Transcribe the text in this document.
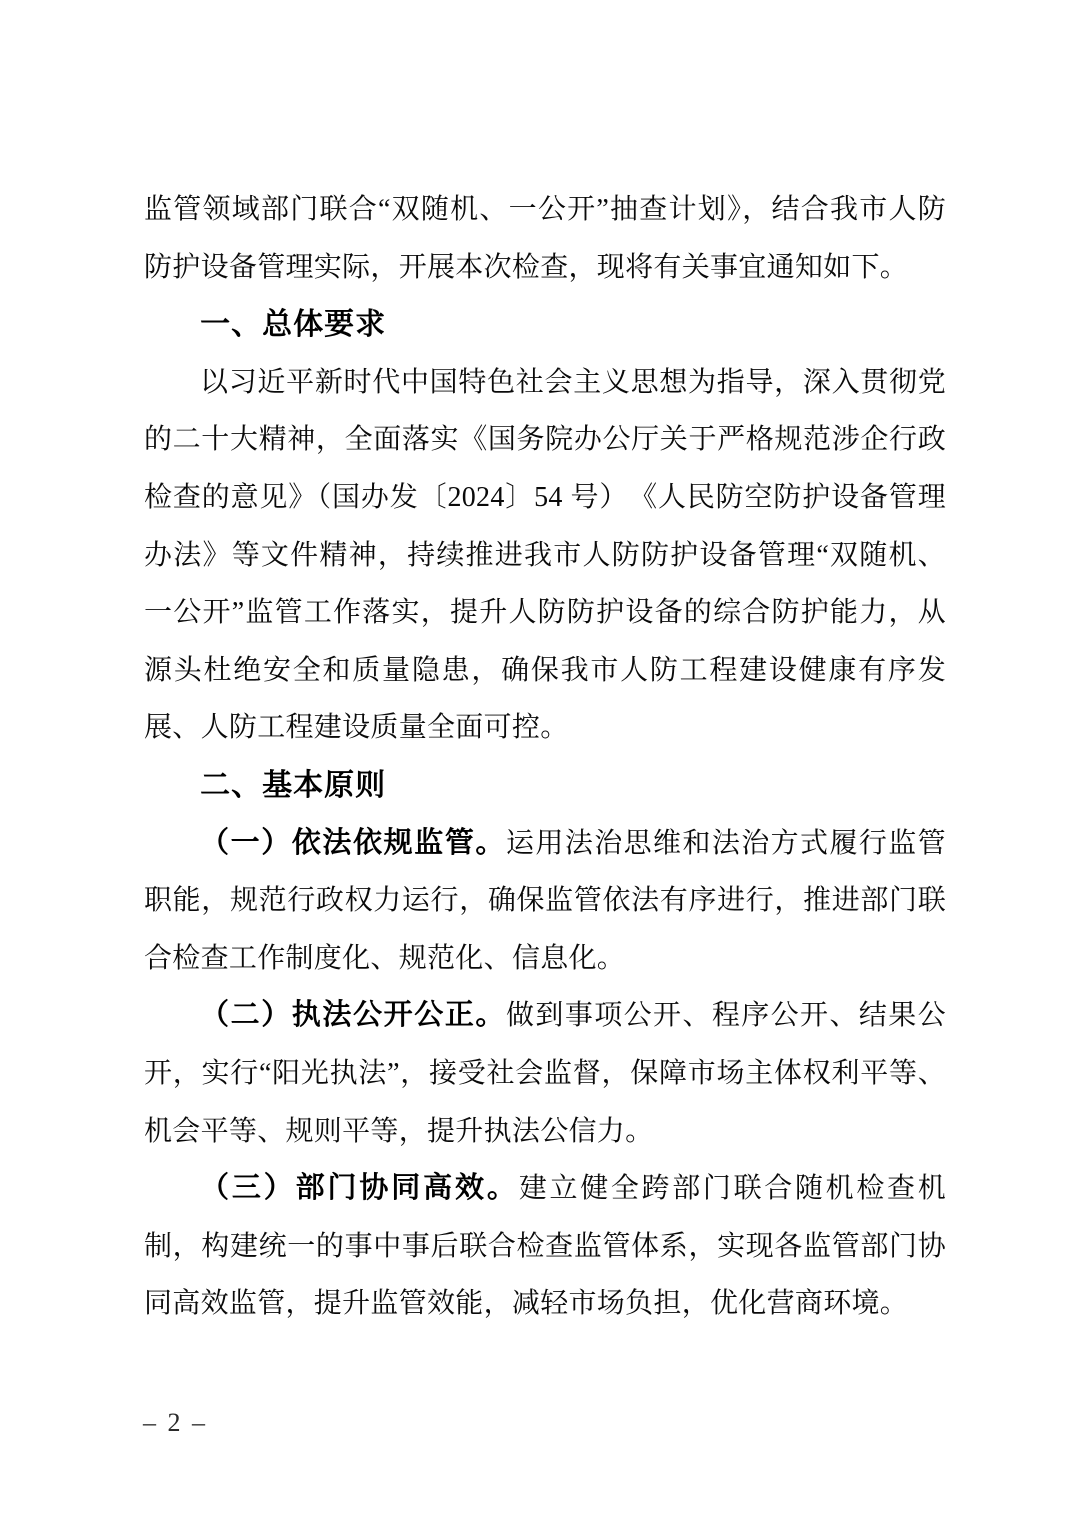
监管领域部门联合“双随机、一公开”抽查计划》，结合我市人防防护设备管理实际，开展本次检查，现将有关事宜通知如下。

一、总体要求

以习近平新时代中国特色社会主义思想为指导，深入贯彻党的二十大精神，全面落实《国务院办公厅关于严格规范涉企行政检查的意见》（国办发〔2024〕54 号）　《人民防空防护设备管理办法》等文件精神，持续推进我市人防防护设备管理“双随机、一公开”监管工作落实，提升人防防护设备的综合防护能力，从源头杜绝安全和质量隐患，确保我市人防工程建设健康有序发展、人防工程建设质量全面可控。

二、基本原则

（一）依法依规监管。运用法治思维和法治方式履行监管职能，规范行政权力运行，确保监管依法有序进行，推进部门联合检查工作制度化、规范化、信息化。

（二）执法公开公正。做到事项公开、程序公开、结果公开，实行“阳光执法”，接受社会监督，保障市场主体权利平等、机会平等、规则平等，提升执法公信力。

（三）部门协同高效。建立健全跨部门联合随机检查机制，构建统一的事中事后联合检查监管体系，实现各监管部门协同高效监管，提升监管效能，减轻市场负担，优化营商环境。

– 2 –
